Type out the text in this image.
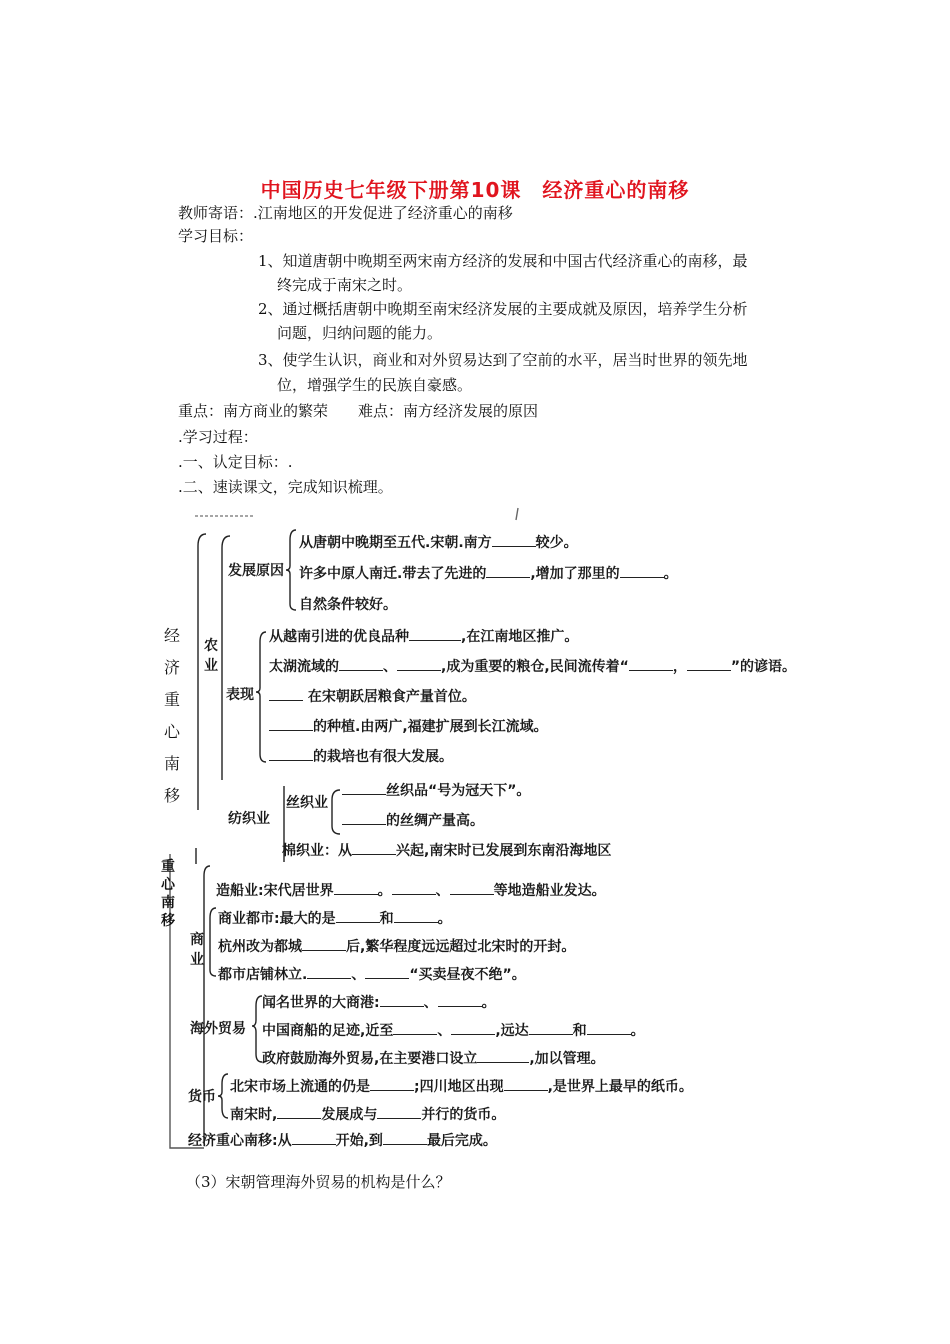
中国历史七年级下册第10课　经济重心的南移
教师寄语：.江南地区的开发促进了经济重心的南移
学习目标：
1、知道唐朝中晚期至两宋南方经济的发展和中国古代经济重心的南移，最
终完成于南宋之时。
2、通过概括唐朝中晚期至南宋经济发展的主要成就及原因，培养学生分析
问题，归纳问题的能力。
3、使学生认识，商业和对外贸易达到了空前的水平，居当时世界的领先地
位，增强学生的民族自豪感。
重点：南方商业的繁荣　　难点：南方经济发展的原因
.学习过程：
.一、认定目标：.
.二、速读课文，完成知识梳理。
经济重心南移
农业
发展原因
从唐朝中晚期至五代.宋朝.南方	较少。
许多中原人南迁.带去了先进的	,增加了那里的	。
自然条件较好。
表现
从越南引进的优良品种	,在江南地区推广。
太湖流域的	、	,成为重要的粮仓,民间流传着“	，	”的谚语。
在宋朝跃居粮食产量首位。
的种植.由两广,福建扩展到长江流域。
的栽培也有很大发展。
纺织业
丝织业
丝织品“号为冠天下”。
的丝绸产量高。
棉织业：从	兴起,南宋时已发展到东南沿海地区
重心南移
造船业:宋代居世界	。	、	等地造船业发达。
商业
商业都市:最大的是	和	。
杭州改为都城	后,繁华程度远远超过北宋时的开封。
都市店铺林立.	、	“买卖昼夜不绝”。
海外贸易
闻名世界的大商港:	、	。
中国商船的足迹,近至	、	,远达	和	。
政府鼓励海外贸易,在主要港口设立	,加以管理。
货币
北宋市场上流通的仍是	;四川地区出现	,是世界上最早的纸币。
南宋时,	发展成与	并行的货币。
经济重心南移:从	开始,到	最后完成。
（3）宋朝管理海外贸易的机构是什么？
